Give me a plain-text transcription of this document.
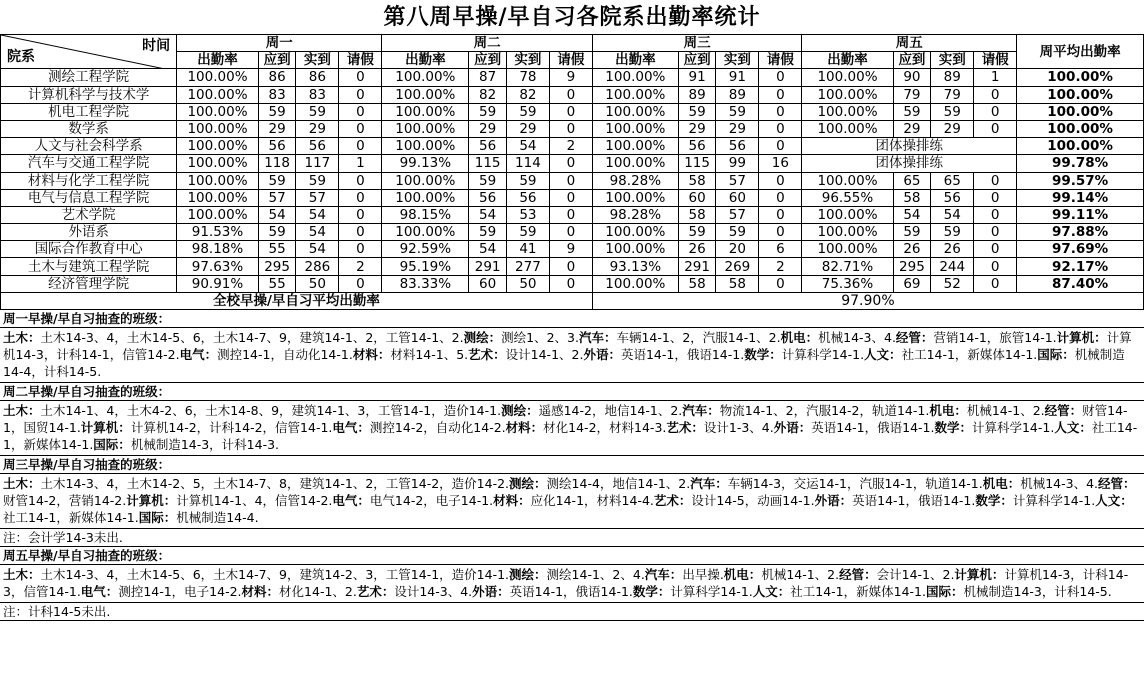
第八周早操/早自习各院系出勤率统计
院系
时间	周一				周二				周三				周五				周平均出勤率
	出勤率	应到	实到	请假	出勤率	应到	实到	请假	出勤率	应到	实到	请假	出勤率	应到	实到	请假	
测绘工程学院	100.00%	86	86	0	100.00%	87	78	9	100.00%	91	91	0	100.00%	90	89	1	100.00%
计算机科学与技术学	100.00%	83	83	0	100.00%	82	82	0	100.00%	89	89	0	100.00%	79	79	0	100.00%
机电工程学院	100.00%	59	59	0	100.00%	59	59	0	100.00%	59	59	0	100.00%	59	59	0	100.00%
数学系	100.00%	29	29	0	100.00%	29	29	0	100.00%	29	29	0	100.00%	29	29	0	100.00%
人文与社会科学系	100.00%	56	56	0	100.00%	56	54	2	100.00%	56	56	0	团体操排练				100.00%
汽车与交通工程学院	100.00%	118	117	1	99.13%	115	114	0	100.00%	115	99	16	团体操排练				99.78%
材料与化学工程学院	100.00%	59	59	0	100.00%	59	59	0	98.28%	58	57	0	100.00%	65	65	0	99.57%
电气与信息工程学院	100.00%	57	57	0	100.00%	56	56	0	100.00%	60	60	0	96.55%	58	56	0	99.14%
艺术学院	100.00%	54	54	0	98.15%	54	53	0	98.28%	58	57	0	100.00%	54	54	0	99.11%
外语系	91.53%	59	54	0	100.00%	59	59	0	100.00%	59	59	0	100.00%	59	59	0	97.88%
国际合作教育中心	98.18%	55	54	0	92.59%	54	41	9	100.00%	26	20	6	100.00%	26	26	0	97.69%
土木与建筑工程学院	97.63%	295	286	2	95.19%	291	277	0	93.13%	291	269	2	82.71%	295	244	0	92.17%
经济管理学院	90.91%	55	50	0	83.33%	60	50	0	100.00%	58	58	0	75.36%	69	52	0	87.40%
全校早操/早自习平均出勤率									97.90%								
周一早操/早自习抽查的班级：
土木：土木14-3、4，土木14-5、6，土木14-7、9，建筑14-1、2，工管14-1、2.测绘：测绘1、2、3.汽车：车辆14-1、2，汽服14-1、2.机电：机械14-3、4.经管：营销14-1，旅管14-1.计算机：计算机14-3，计科14-1，信管14-2.电气：测控14-1，自动化14-1.材料：材料14-1、5.艺术：设计14-1、2.外语：英语14-1，俄语14-1.数学：计算科学14-1.人文：社工14-1，新媒体14-1.国际：机械制造14-4，计科14-5.
周二早操/早自习抽查的班级：
土木：土木14-1、4，土木4-2、6，土木14-8、9，建筑14-1、3，工管14-1，造价14-1.测绘：遥感14-2，地信14-1、2.汽车：物流14-1、2，汽服14-2，轨道14-1.机电：机械14-1、2.经管：财管14-1，国贸14-1.计算机：计算机14-2，计科14-2，信管14-1.电气：测控14-2，自动化14-2.材料：材化14-2，材料14-3.艺术：设计1-3、4.外语：英语14-1，俄语14-1.数学：计算科学14-1.人文：社工14-1，新媒体14-1.国际：机械制造14-3，计科14-3.
周三早操/早自习抽查的班级：
土木：土木14-3、4，土木14-2、5，土木14-7、8，建筑14-1、2，工管14-2，造价14-2.测绘：测绘14-4，地信14-1、2.汽车：车辆14-3，交运14-1，汽服14-1，轨道14-1.机电：机械14-3、4.经管：财管14-2，营销14-2.计算机：计算机14-1、4，信管14-2.电气：电气14-2，电子14-1.材料：应化14-1，材料14-4.艺术：设计14-5，动画14-1.外语：英语14-1，俄语14-1.数学：计算科学14-1.人文：社工14-1，新媒体14-1.国际：机械制造14-4.
注：会计学14-3未出.
周五早操/早自习抽查的班级：
土木：土木14-3、4，土木14-5、6，土木14-7、9，建筑14-2、3，工管14-1，造价14-1.测绘：测绘14-1、2、4.汽车：出早操.机电：机械14-1、2.经管：会计14-1、2.计算机：计算机14-3，计科14-3，信管14-1.电气：测控14-1，电子14-2.材料：材化14-1、2.艺术：设计14-3、4.外语：英语14-1，俄语14-1.数学：计算科学14-1.人文：社工14-1，新媒体14-1.国际：机械制造14-3，计科14-5.
注：计科14-5未出.
